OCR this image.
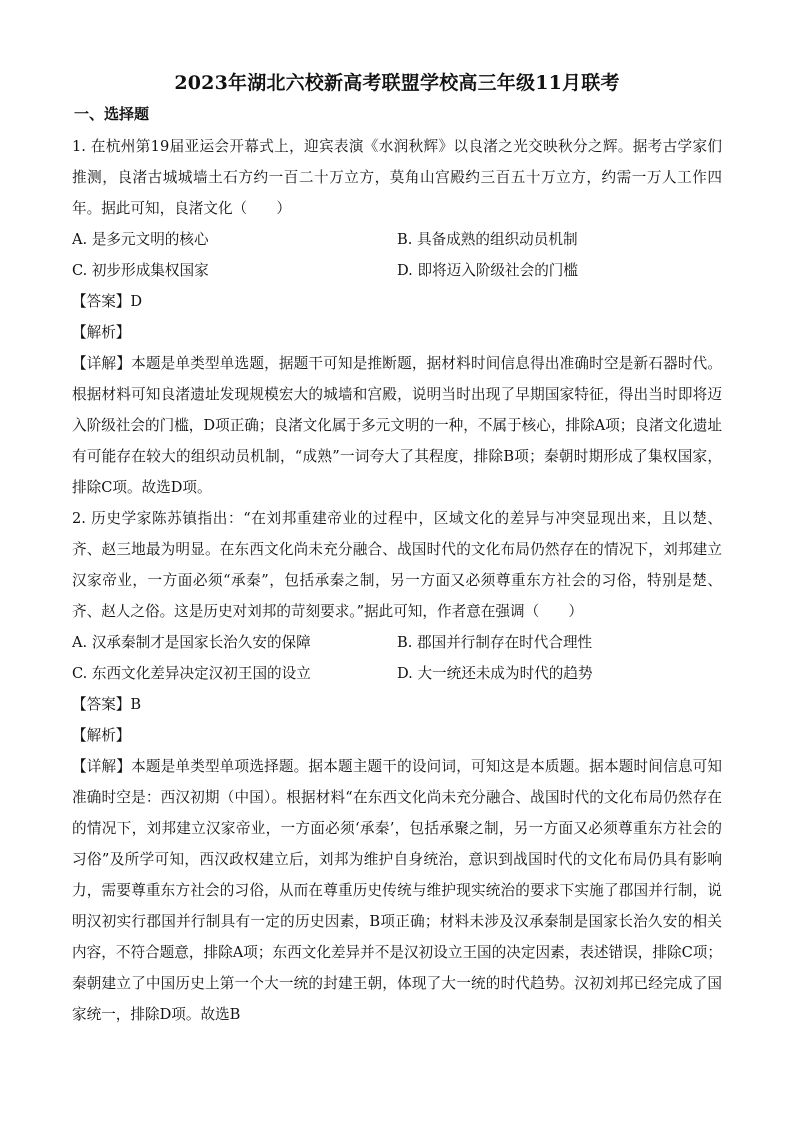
2023年湖北六校新高考联盟学校高三年级11月联考
一、选择题

1. 在杭州第19届亚运会开幕式上，迎宾表演《水润秋辉》以良渚之光交映秋分之辉。据考古学家们推测，良渚古城城墙土石方约一百二十万立方，莫角山宫殿约三百五十万立方，约需一万人工作四年。据此可知，良渚文化（　　）

A. 是多元文明的核心	B. 具备成熟的组织动员机制
C. 初步形成集权国家	D. 即将迈入阶级社会的门槛
【答案】D
【解析】

【详解】本题是单类型单选题，据题干可知是推断题，据材料时间信息得出准确时空是新石器时代。根据材料可知良渚遗址发现规模宏大的城墙和宫殿，说明当时出现了早期国家特征，得出当时即将迈入阶级社会的门槛，D项正确；良渚文化属于多元文明的一种，不属于核心，排除A项；良渚文化遗址有可能存在较大的组织动员机制，“成熟”一词夸大了其程度，排除B项；秦朝时期形成了集权国家，排除C项。故选D项。

2. 历史学家陈苏镇指出：“在刘邦重建帝业的过程中，区域文化的差异与冲突显现出来，且以楚、齐、赵三地最为明显。在东西文化尚未充分融合、战国时代的文化布局仍然存在的情况下，刘邦建立汉家帝业，一方面必须“承秦”，包括承秦之制，另一方面又必须尊重东方社会的习俗，特别是楚、齐、赵人之俗。这是历史对刘邦的苛刻要求。”据此可知，作者意在强调（　　）

A. 汉承秦制才是国家长治久安的保障	B. 郡国并行制存在时代合理性
C. 东西文化差异决定汉初王国的设立	D. 大一统还未成为时代的趋势
【答案】B
【解析】

【详解】本题是单类型单项选择题。据本题主题干的设问词，可知这是本质题。据本题时间信息可知准确时空是：西汉初期（中国）。根据材料“在东西文化尚未充分融合、战国时代的文化布局仍然存在的情况下，刘邦建立汉家帝业，一方面必须‘承秦’，包括承聚之制，另一方面又必须尊重东方社会的习俗”及所学可知，西汉政权建立后，刘邦为维护自身统治，意识到战国时代的文化布局仍具有影响力，需要尊重东方社会的习俗，从而在尊重历史传统与维护现实统治的要求下实施了郡国并行制，说明汉初实行郡国并行制具有一定的历史因素，B项正确；材料未涉及汉承秦制是国家长治久安的相关内容，不符合题意，排除A项；东西文化差异并不是汉初设立王国的决定因素，表述错误，排除C项；秦朝建立了中国历史上第一个大一统的封建王朝，体现了大一统的时代趋势。汉初刘邦已经完成了国家统一，排除D项。故选B
